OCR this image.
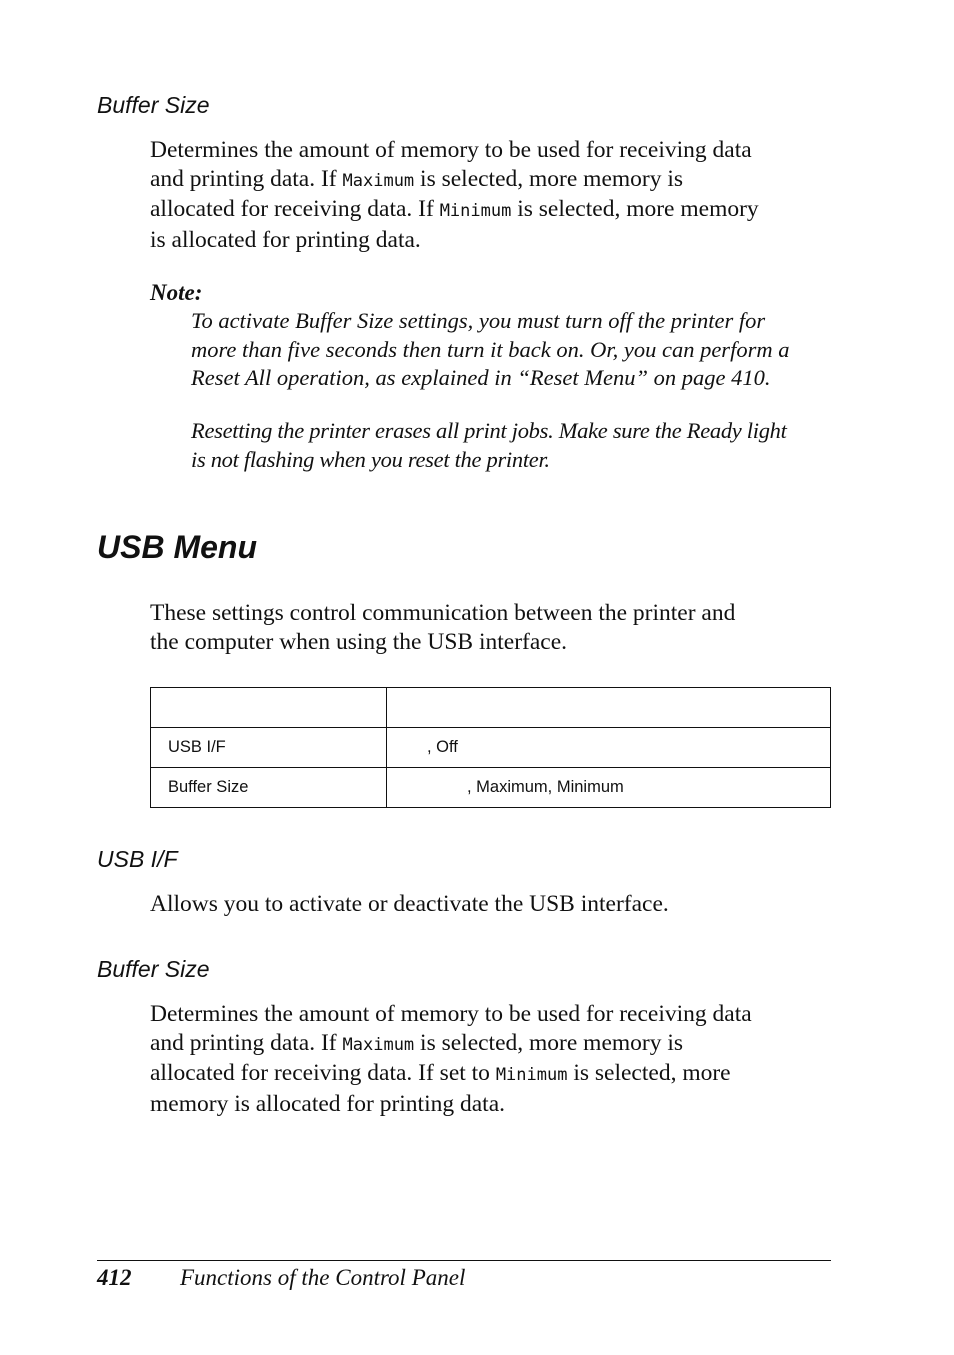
Buffer Size
Determines the amount of memory to be used for receiving data
and printing data. If Maximum is selected, more memory is
allocated for receiving data. If Minimum is selected, more memory
is allocated for printing data.
Note:
To activate Buffer Size settings, you must turn off the printer for
more than five seconds then turn it back on. Or, you can perform a
Reset All operation, as explained in “Reset Menu” on page 410.
Resetting the printer erases all print jobs. Make sure the Ready light
is not flashing when you reset the printer.
USB Menu
These settings control communication between the printer and
the computer when using the USB interface.

USB I/F	, Off
Buffer Size	, Maximum, Minimum
USB I/F
Allows you to activate or deactivate the USB interface.
Buffer Size
Determines the amount of memory to be used for receiving data
and printing data. If Maximum is selected, more memory is
allocated for receiving data. If set to Minimum is selected, more
memory is allocated for printing data.
412 Functions of the Control Panel
